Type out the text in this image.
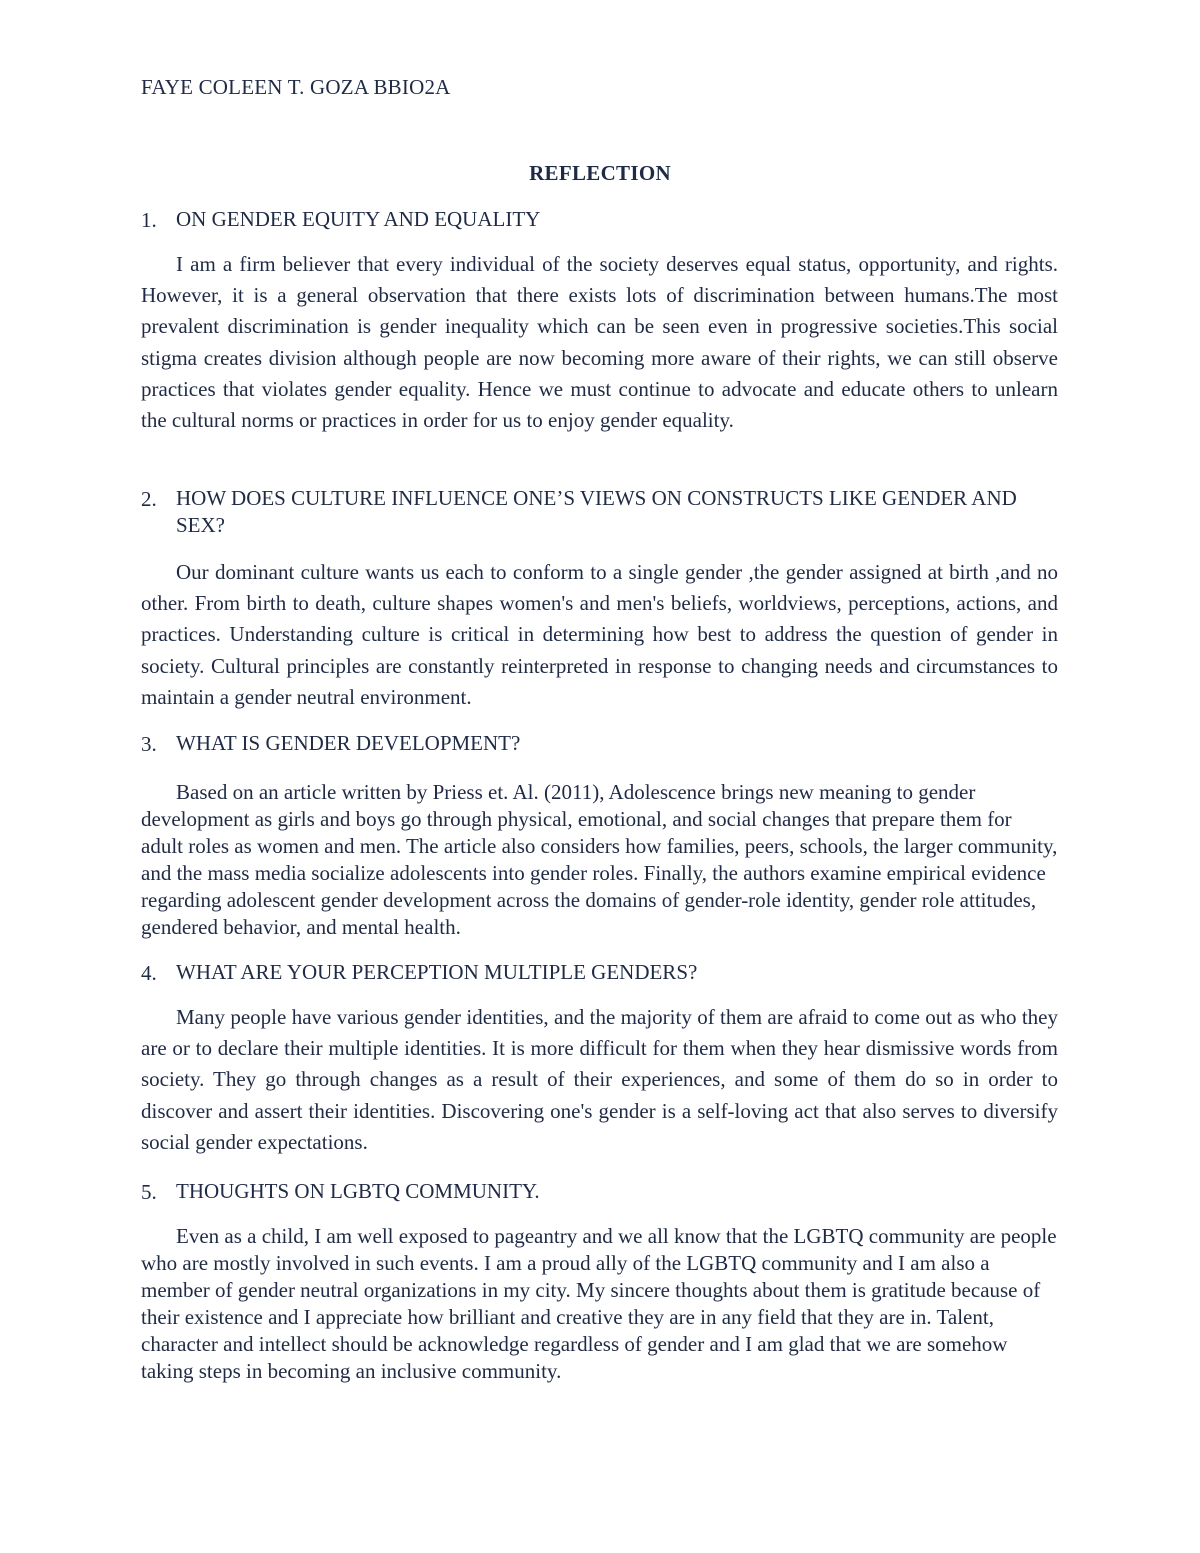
FAYE COLEEN T. GOZA BBIO2A

REFLECTION

1. ON GENDER EQUITY AND EQUALITY

I am a firm believer that every individual of the society deserves equal status, opportunity, and rights. However, it is a general observation that there exists lots of discrimination between humans.The most prevalent discrimination is gender inequality which can be seen even in progressive societies.This social stigma creates division although people are now becoming more aware of their rights, we can still observe practices that violates gender equality. Hence we must continue to advocate and educate others to unlearn the cultural norms or practices in order for us to enjoy gender equality.

2. HOW DOES CULTURE INFLUENCE ONE’S VIEWS ON CONSTRUCTS LIKE GENDER AND SEX?

Our dominant culture wants us each to conform to a single gender ,the gender assigned at birth ,and no other. From birth to death, culture shapes women's and men's beliefs, worldviews, perceptions, actions, and practices. Understanding culture is critical in determining how best to address the question of gender in society. Cultural principles are constantly reinterpreted in response to changing needs and circumstances to maintain a gender neutral environment.

3. WHAT IS GENDER DEVELOPMENT?

Based on an article written by Priess et. Al. (2011), Adolescence brings new meaning to gender development as girls and boys go through physical, emotional, and social changes that prepare them for adult roles as women and men. The article also considers how families, peers, schools, the larger community, and the mass media socialize adolescents into gender roles. Finally, the authors examine empirical evidence regarding adolescent gender development across the domains of gender-role identity, gender role attitudes, gendered behavior, and mental health.

4. WHAT ARE YOUR PERCEPTION MULTIPLE GENDERS?

Many people have various gender identities, and the majority of them are afraid to come out as who they are or to declare their multiple identities. It is more difficult for them when they hear dismissive words from society. They go through changes as a result of their experiences, and some of them do so in order to discover and assert their identities. Discovering one's gender is a self-loving act that also serves to diversify social gender expectations.

5. THOUGHTS ON LGBTQ COMMUNITY.

Even as a child, I am well exposed to pageantry and we all know that the LGBTQ community are people who are mostly involved in such events. I am a proud ally of the LGBTQ community and I am also a member of gender neutral organizations in my city. My sincere thoughts about them is gratitude because of their existence and I appreciate how brilliant and creative they are in any field that they are in. Talent, character and intellect should be acknowledge regardless of gender and I am glad that we are somehow taking steps in becoming an inclusive community.
